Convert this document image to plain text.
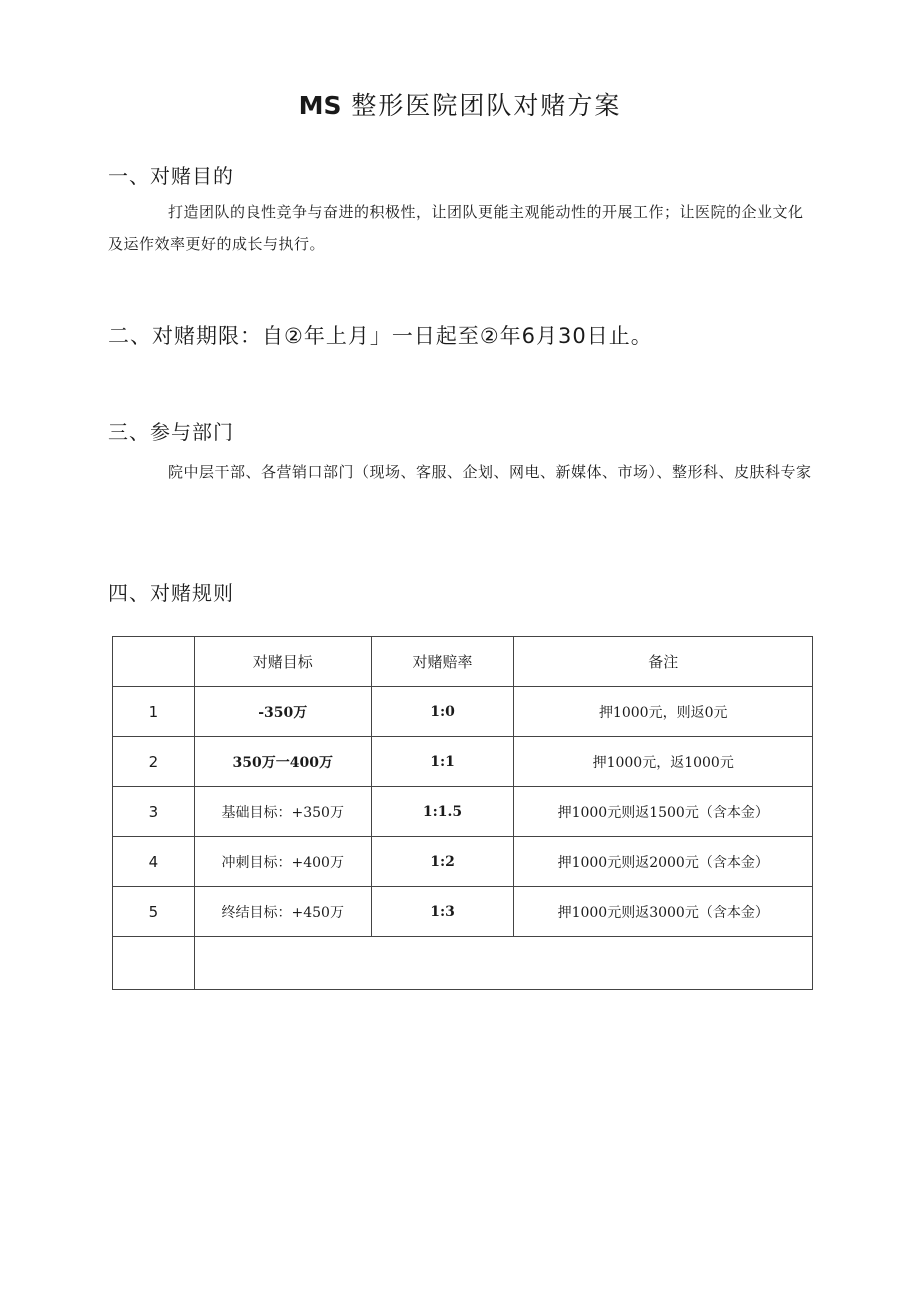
MS 整形医院团队对赌方案
一、对赌目的

打造团队的良性竞争与奋进的积极性，让团队更能主观能动性的开展工作；让医院的企业文化及运作效率更好的成长与执行。

二、对赌期限：自②年上月」一日起至②年6月30日止。
三、参与部门

院中层干部、各营销口部门（现场、客服、企划、网电、新媒体、市场）、整形科、皮肤科专家

四、对赌规则
	对赌目标	对赌赔率	备注
1	-350万	1:0	押1000元，则返0元
2	350万一400万	1:1	押1000元，返1000元
3	基础目标：+350万	1:1.5	押1000元则返1500元（含本金）
4	冲刺目标：+400万	1:2	押1000元则返2000元（含本金）
5	终结目标：+450万	1:3	押1000元则返3000元（含本金）
